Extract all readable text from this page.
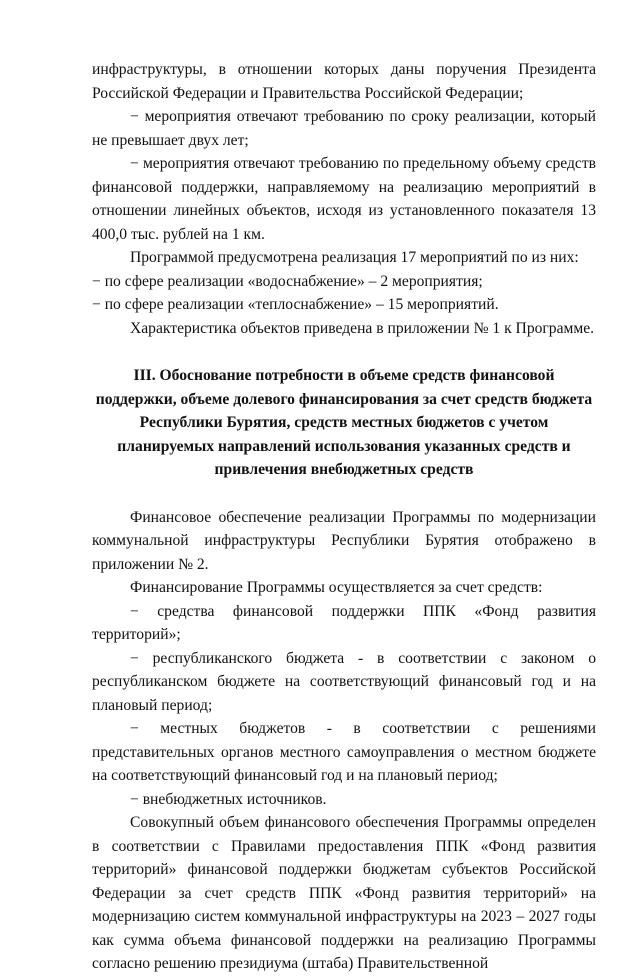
инфраструктуры, в отношении которых даны поручения Президента Российской Федерации и Правительства Российской Федерации;

− мероприятия отвечают требованию по сроку реализации, который не превышает двух лет;

− мероприятия отвечают требованию по предельному объему средств финансовой поддержки, направляемому на реализацию мероприятий в отношении линейных объектов, исходя из установленного показателя 13 400,0 тыс. рублей на 1 км.

Программой предусмотрена реализация 17 мероприятий по из них:

− по сфере реализации «водоснабжение» – 2 мероприятия;

− по сфере реализации «теплоснабжение» – 15 мероприятий.

Характеристика объектов приведена в приложении № 1 к Программе.

III. Обоснование потребности в объеме средств финансовой поддержки, объеме долевого финансирования за счет средств бюджета Республики Бурятия, средств местных бюджетов с учетом планируемых направлений использования указанных средств и привлечения внебюджетных средств

Финансовое обеспечение реализации Программы по модернизации коммунальной инфраструктуры Республики Бурятия отображено в приложении № 2.

Финансирование Программы осуществляется за счет средств:

− средства финансовой поддержки ППК «Фонд развития территорий»;

− республиканского бюджета - в соответствии с законом о республиканском бюджете на соответствующий финансовый год и на плановый период;

− местных бюджетов - в соответствии с решениями представительных органов местного самоуправления о местном бюджете на соответствующий финансовый год и на плановый период;

− внебюджетных источников.

Совокупный объем финансового обеспечения Программы определен в соответствии с Правилами предоставления ППК «Фонд развития территорий» финансовой поддержки бюджетам субъектов Российской Федерации за счет средств ППК «Фонд развития территорий» на модернизацию систем коммунальной инфраструктуры на 2023 – 2027 годы как сумма объема финансовой поддержки на реализацию Программы согласно решению президиума (штаба) Правительственной
